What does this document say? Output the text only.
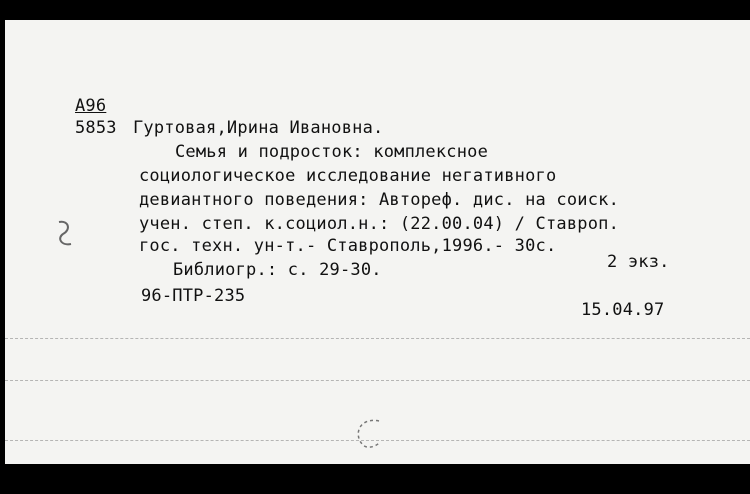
А96
5853 Гуртовая,Ирина Ивановна.
Семья и подросток: комплексное
социологическое исследование негативного
девиантного поведения: Автореф. дис. на соиск.
учен. степ. к.социол.н.: (22.00.04) / Ставроп.
гос. техн. ун-т.- Ставрополь,1996.- 30с.
Библиогр.: с. 29-30.	2 экз.
96-ПТР-235
15.04.97
